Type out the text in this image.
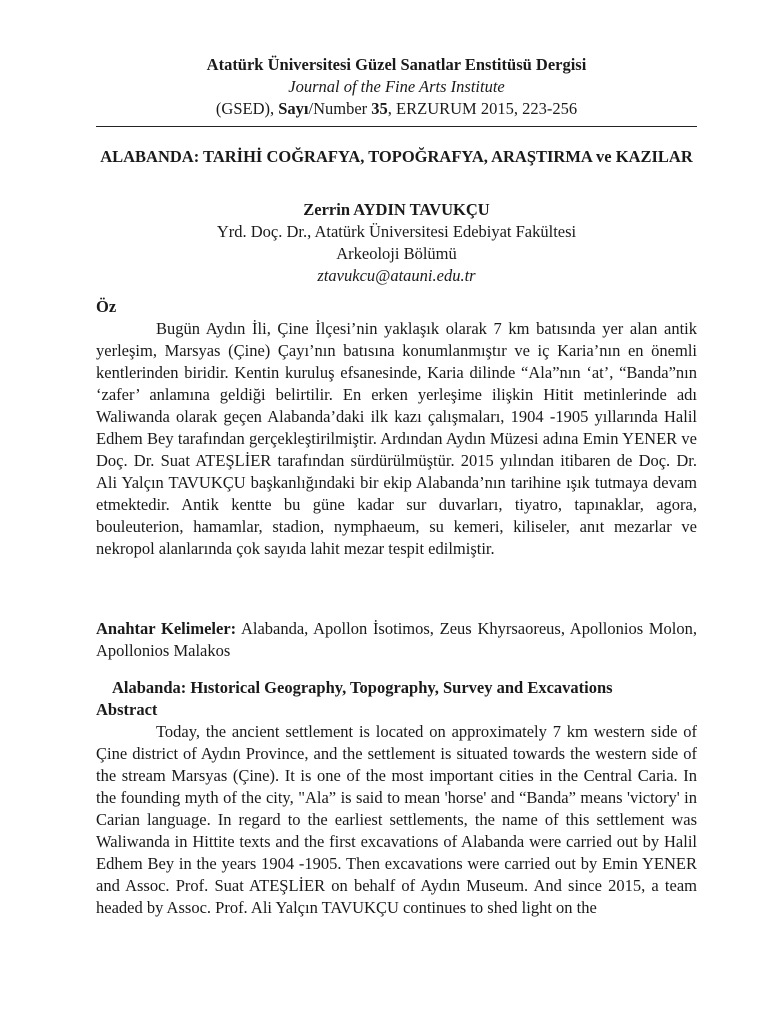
Atatürk Üniversitesi Güzel Sanatlar Enstitüsü Dergisi
Journal of the Fine Arts Institute
(GSED), Sayı/Number 35, ERZURUM 2015, 223-256
ALABANDA: TARİHİ COĞRAFYA, TOPOĞRAFYA, ARAŞTIRMA ve KAZILAR
Zerrin AYDIN TAVUKÇU
Yrd. Doç. Dr., Atatürk Üniversitesi Edebiyat Fakültesi
Arkeoloji Bölümü
ztavukcu@atauni.edu.tr
Öz
Bugün Aydın İli, Çine İlçesi’nin yaklaşık olarak 7 km batısında yer alan antik yerleşim, Marsyas (Çine) Çayı’nın batısına konumlanmıştır ve iç Karia’nın en önemli kentlerinden biridir. Kentin kuruluş efsanesinde, Karia dilinde “Ala”nın ‘at’, “Banda”nın ‘zafer’ anlamına geldiği belirtilir. En erken yerleşime ilişkin Hitit metinlerinde adı Waliwanda olarak geçen Alabanda’daki ilk kazı çalışmaları, 1904 -1905 yıllarında Halil Edhem Bey tarafından gerçekleştirilmiştir. Ardından Aydın Müzesi adına Emin YENER ve Doç. Dr. Suat ATEŞLİER tarafından sürdürülmüştür. 2015 yılından itibaren de Doç. Dr. Ali Yalçın TAVUKÇU başkanlığındaki bir ekip Alabanda’nın tarihine ışık tutmaya devam etmektedir. Antik kentte bu güne kadar sur duvarları, tiyatro, tapınaklar, agora, bouleuterion, hamamlar, stadion, nymphaeum, su kemeri, kiliseler, anıt mezarlar ve nekropol alanlarında çok sayıda lahit mezar tespit edilmiştir.
Anahtar Kelimeler: Alabanda, Apollon İsotimos, Zeus Khyrsaoreus, Apollonios Molon, Apollonios Malakos
Alabanda: Hıstorical Geography, Topography, Survey and Excavations
Abstract
Today, the ancient settlement is located on approximately 7 km western side of Çine district of Aydın Province, and the settlement is situated towards the western side of the stream Marsyas (Çine). It is one of the most important cities in the Central Caria. In the founding myth of the city, "Ala” is said to mean 'horse' and “Banda” means 'victory' in Carian language. In regard to the earliest settlements, the name of this settlement was Waliwanda in Hittite texts and the first excavations of Alabanda were carried out by Halil Edhem Bey in the years 1904 -1905. Then excavations were carried out by Emin YENER and Assoc. Prof. Suat ATEŞLİER on behalf of Aydın Museum. And since 2015, a team headed by Assoc. Prof. Ali Yalçın TAVUKÇU continues to shed light on the
